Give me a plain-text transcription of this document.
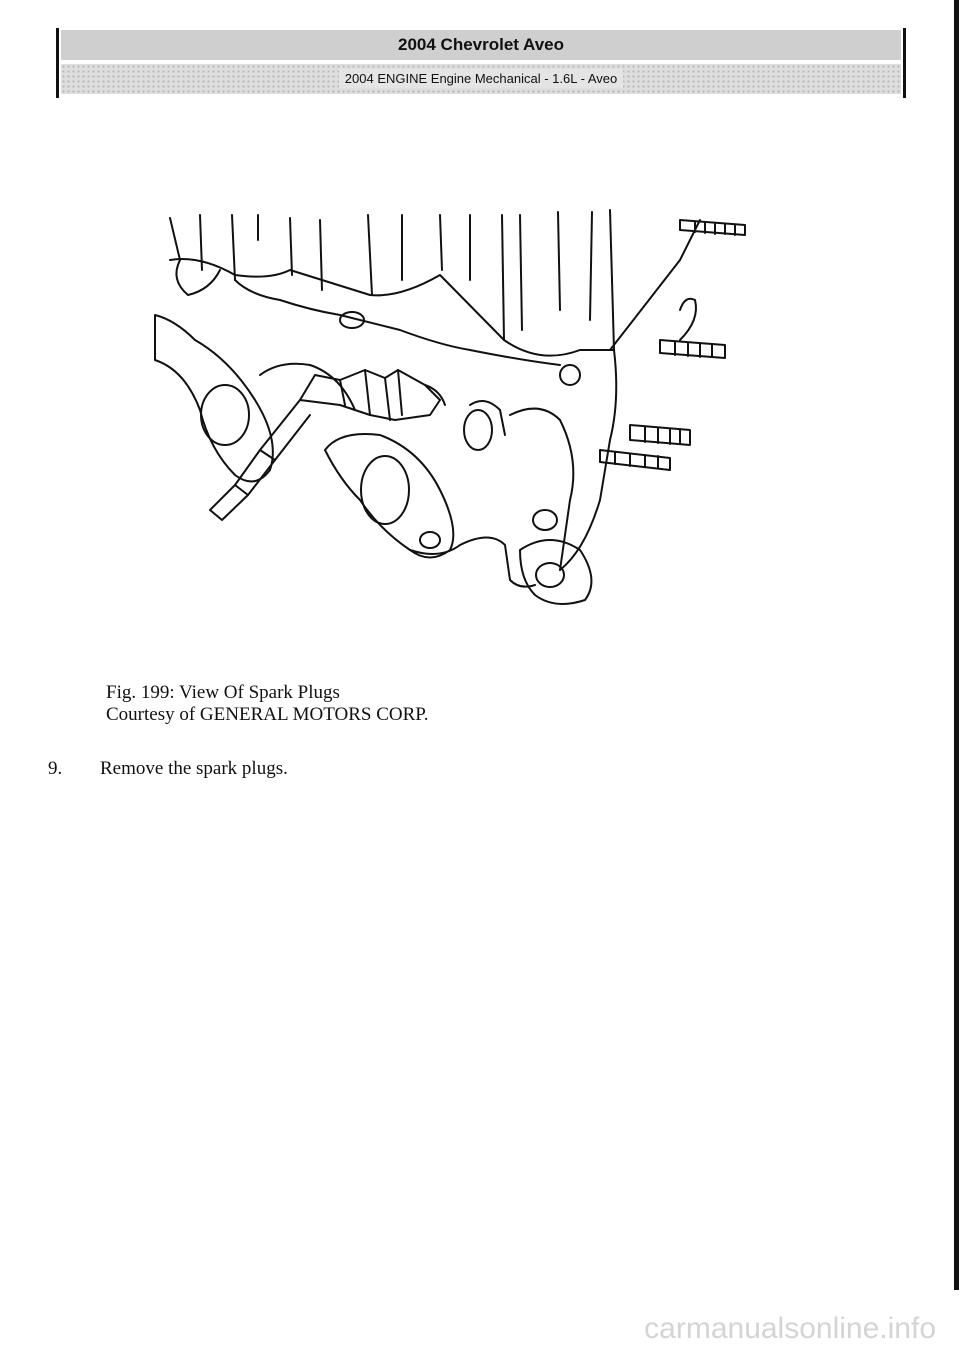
2004 Chevrolet Aveo
2004 ENGINE Engine Mechanical - 1.6L - Aveo
Fig. 199: View Of Spark Plugs
Courtesy of GENERAL MOTORS CORP.
9. Remove the spark plugs.
carmanualsonline.info
